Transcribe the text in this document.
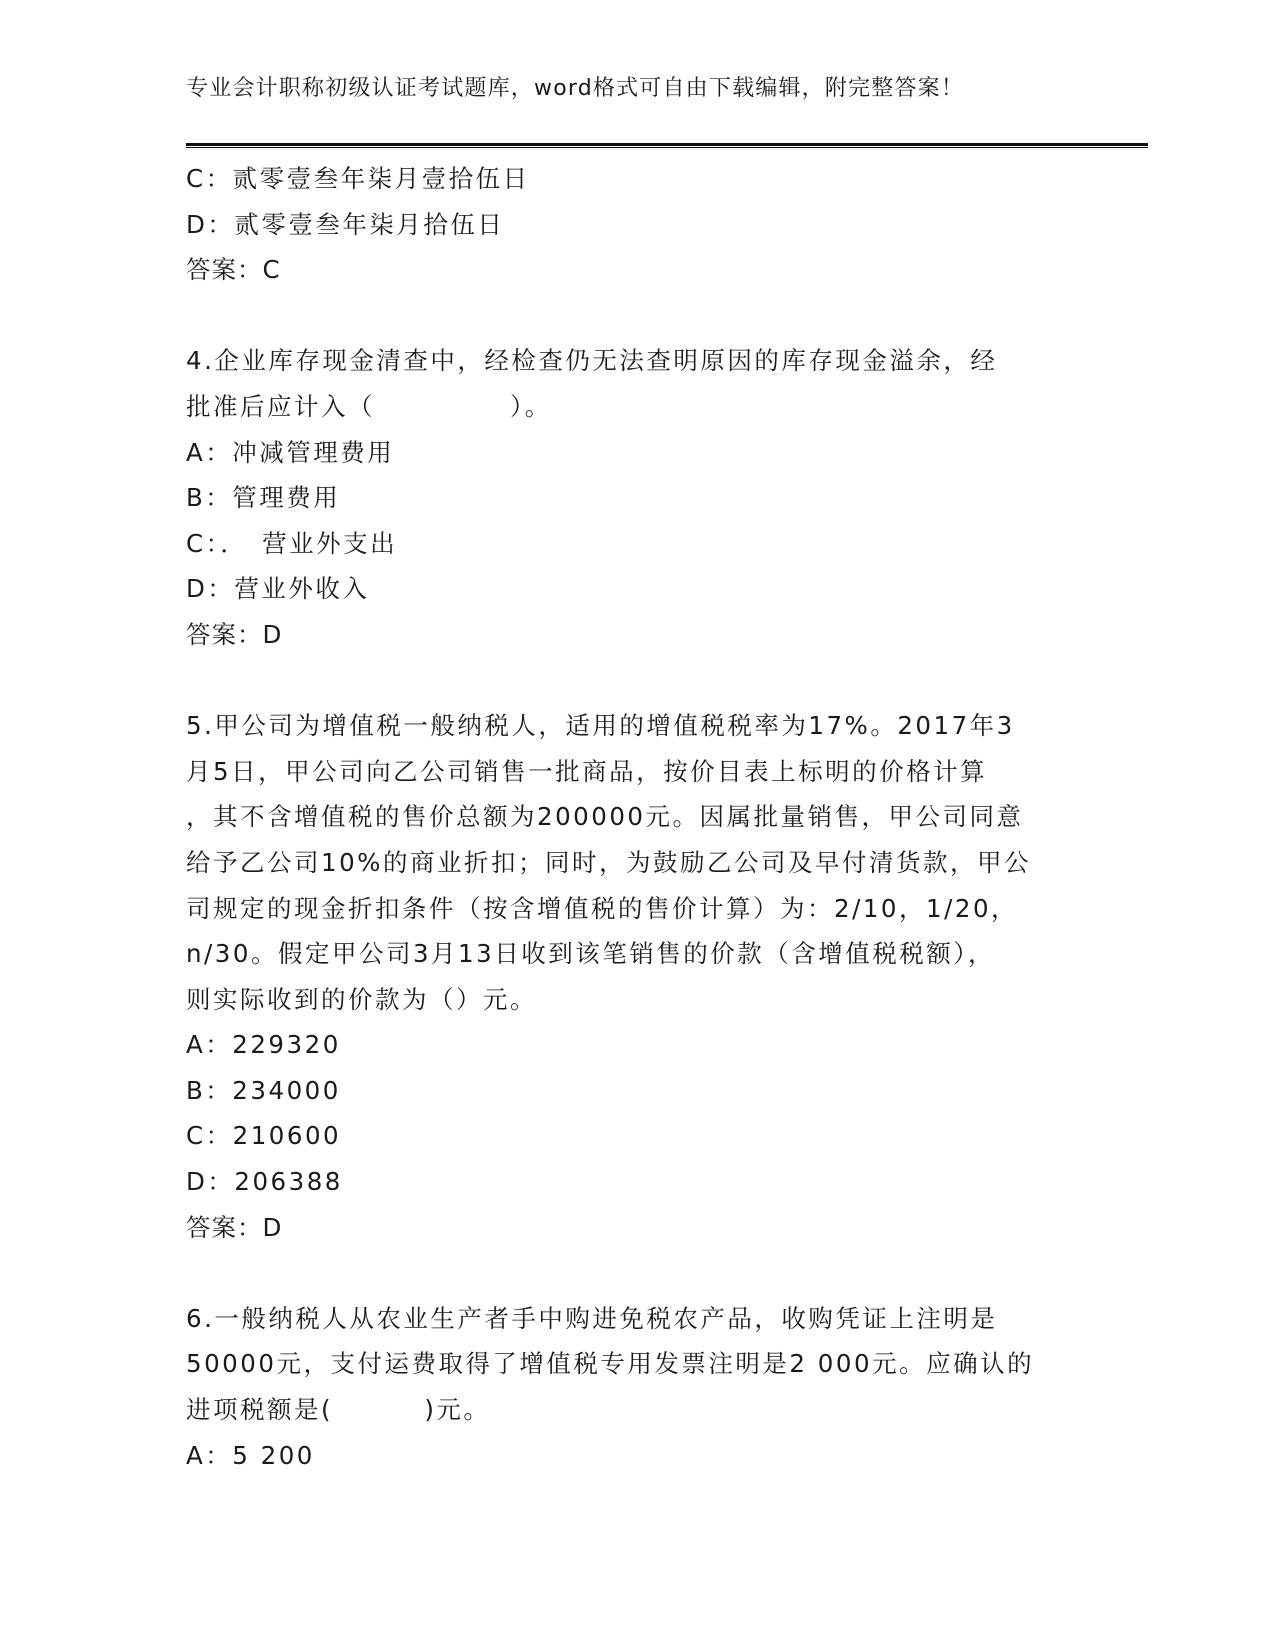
专业会计职称初级认证考试题库，word格式可自由下载编辑，附完整答案！
C：贰零壹叁年柒月壹拾伍日
D：贰零壹叁年柒月拾伍日
答案：C
4.企业库存现金清查中，经检查仍无法查明原因的库存现金溢余，经
批准后应计入（　　　　　）。
A：冲减管理费用
B：管理费用
C：．　营业外支出
D：营业外收入
答案：D
5.甲公司为增值税一般纳税人，适用的增值税税率为17%。2017年3
月5日，甲公司向乙公司销售一批商品，按价目表上标明的价格计算
，其不含增值税的售价总额为200000元。因属批量销售，甲公司同意
给予乙公司10%的商业折扣；同时，为鼓励乙公司及早付清货款，甲公
司规定的现金折扣条件（按含增值税的售价计算）为：2/10，1/20，
n/30。假定甲公司3月13日收到该笔销售的价款（含增值税税额），
则实际收到的价款为（）元。
A：229320
B：234000
C：210600
D：206388
答案：D
6.一般纳税人从农业生产者手中购进免税农产品，收购凭证上注明是
50000元，支付运费取得了增值税专用发票注明是2 000元。应确认的
进项税额是(　　　 )元。
A：5 200
